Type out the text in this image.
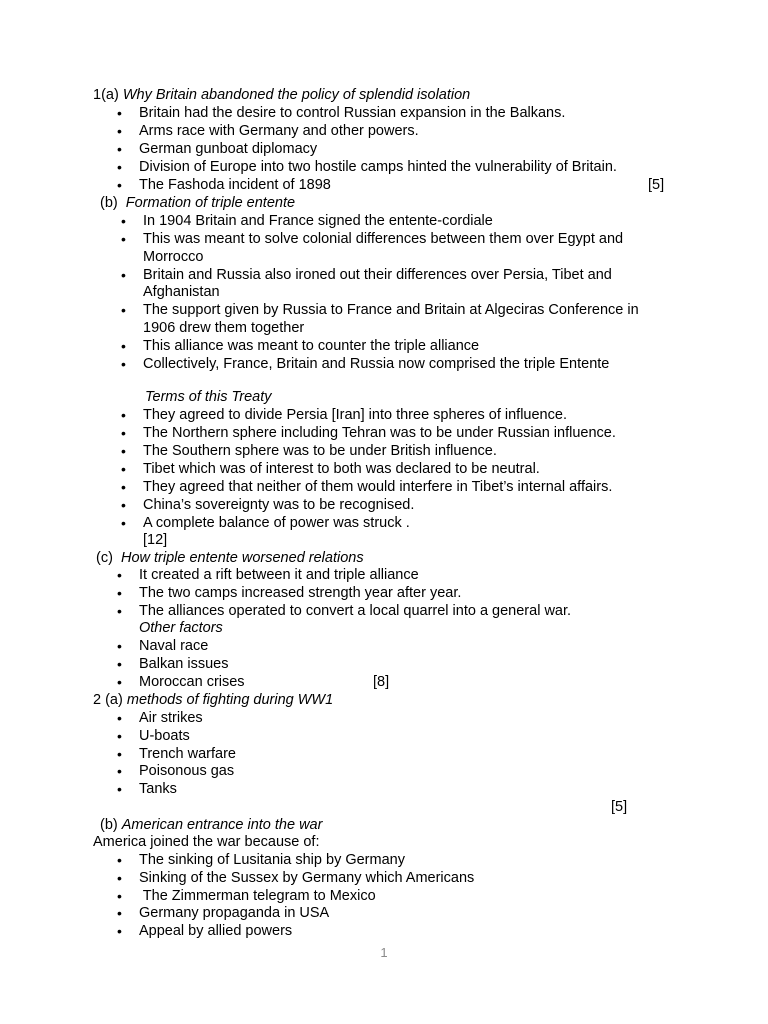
1(a) Why Britain abandoned the policy of splendid isolation
• Britain had the desire to control Russian expansion in the Balkans.
• Arms race with Germany and other powers.
• German gunboat diplomacy
• Division of Europe into two hostile camps hinted the vulnerability of Britain.
• The Fashoda incident of 1898	[5]
(b) Formation of triple entente
• In 1904 Britain and France signed the entente-cordiale
• This was meant to solve colonial differences between them over Egypt and
Morrocco
• Britain and Russia also ironed out their differences over Persia, Tibet and
Afghanistan
• The support given by Russia to France and Britain at Algeciras Conference in
1906 drew them together
• This alliance was meant to counter the triple alliance
• Collectively, France, Britain and Russia now comprised the triple Entente
Terms of this Treaty
• They agreed to divide Persia [Iran] into three spheres of influence.
• The Northern sphere including Tehran was to be under Russian influence.
• The Southern sphere was to be under British influence.
• Tibet which was of interest to both was declared to be neutral.
• They agreed that neither of them would interfere in Tibet’s internal affairs.
• China’s sovereignty was to be recognised.
• A complete balance of power was struck .
[12]
(c) How triple entente worsened relations
• It created a rift between it and triple alliance
• The two camps increased strength year after year.
• The alliances operated to convert a local quarrel into a general war.
Other factors
• Naval race
• Balkan issues
• Moroccan crises	[8]
2 (a) methods of fighting during WW1
• Air strikes
• U-boats
• Trench warfare
• Poisonous gas
• Tanks
[5]
(b) American entrance into the war
America joined the war because of:
• The sinking of Lusitania ship by Germany
• Sinking of the Sussex by Germany which Americans
• The Zimmerman telegram to Mexico
• Germany propaganda in USA
• Appeal by allied powers
1
